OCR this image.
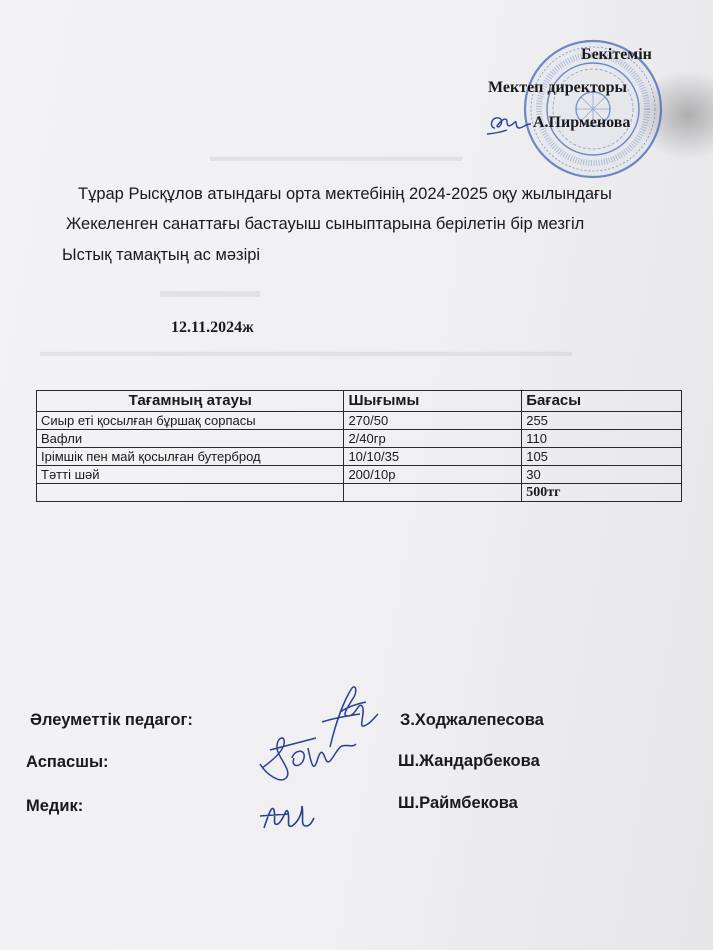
▬▬▬▬▬▬▬▬▬▬▬▬▬▬▬▬▬▬
▬▬▬▬▬
▬▬▬▬▬▬▬▬▬▬▬▬▬▬▬▬▬▬▬▬▬▬▬▬▬▬▬▬▬▬▬▬▬▬▬▬▬▬
Бекітемін
Мектеп директоры
А.Пирменова
Тұрар Рысқұлов атындағы орта мектебінің 2024-2025 оқу жылындағы
Жекеленген санаттағы бастауыш сыныптарына берілетін бір мезгіл
Ыстық тамақтың ас мәзірі
12.11.2024ж
Тағамның атауы	Шығымы	Бағасы
Сиыр еті қосылған бұршақ сорпасы	270/50	255
Вафли	2/40гр	110
Ірімшік пен май қосылған бутерброд	10/10/35	105
Тәтті шәй	200/10р	30
		500тг
Әлеуметтік педагог:
Аспасшы:
Медик:
З.Ходжалепесова
Ш.Жандарбекова
Ш.Раймбекова
